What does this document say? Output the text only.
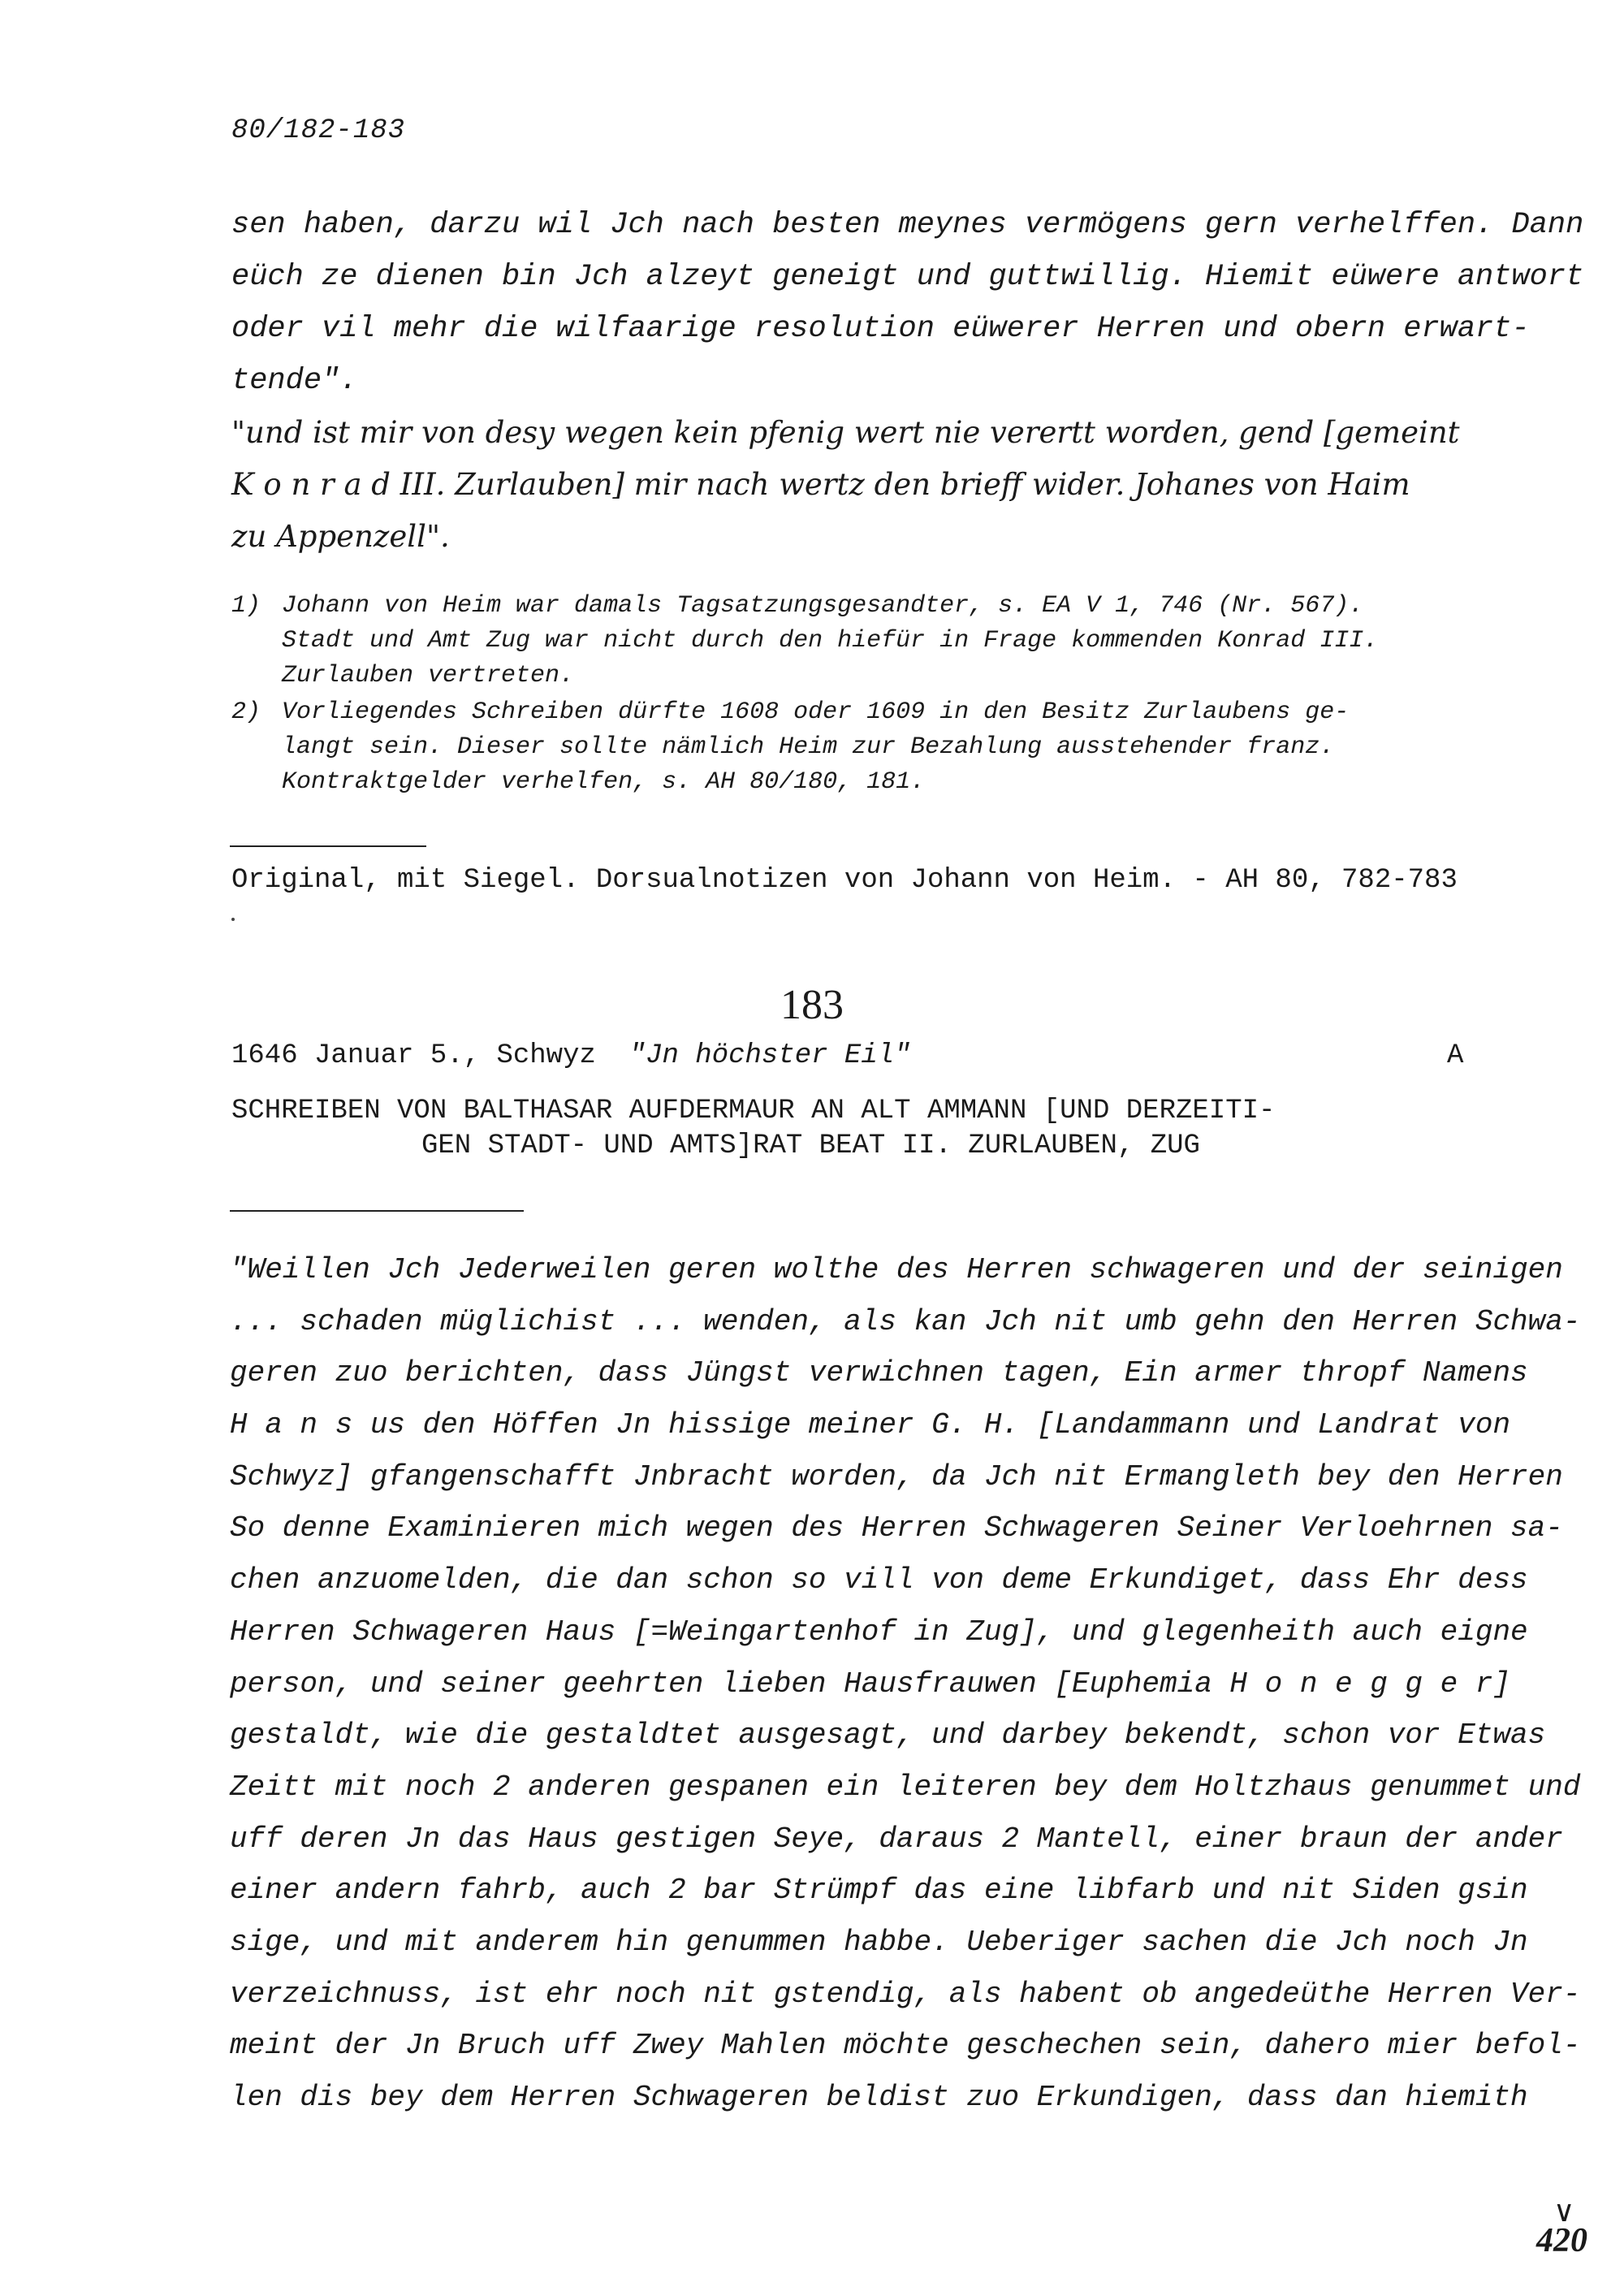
80/182-183
sen haben, darzu wil Jch nach besten meynes vermögens gern verhelffen. Dann
eüch ze dienen bin Jch alzeyt geneigt und guttwillig. Hiemit eüwere antwort
oder vil mehr die wilfaarige resolution eüwerer Herren und obern erwart-
tende".
"und ist mir von desy wegen kein pfenig wert nie verertt worden, gend [gemeint
K o n r a d III. Zurlauben] mir nach wertz den brieff wider. Johanes von Haim
zu Appenzell".
1) Johann von Heim war damals Tagsatzungsgesandter, s. EA V 1, 746 (Nr. 567).
Stadt und Amt Zug war nicht durch den hiefür in Frage kommenden Konrad III.
Zurlauben vertreten.
2) Vorliegendes Schreiben dürfte 1608 oder 1609 in den Besitz Zurlaubens ge-
langt sein. Dieser sollte nämlich Heim zur Bezahlung ausstehender franz.
Kontraktgelder verhelfen, s. AH 80/180, 181.
Original, mit Siegel. Dorsualnotizen von Johann von Heim. - AH 80, 782-783
183
1646 Januar 5., Schwyz "Jn höchster Eil"	A
SCHREIBEN VON BALTHASAR AUFDERMAUR AN ALT AMMANN [UND DERZEITI-
GEN STADT- UND AMTS]RAT BEAT II. ZURLAUBEN, ZUG
"Weillen Jch Jederweilen geren wolthe des Herren schwageren und der seinigen
... schaden müglichist ... wenden, als kan Jch nit umb gehn den Herren Schwa-
geren zuo berichten, dass Jüngst verwichnen tagen, Ein armer thropf Namens
H a n s us den Höffen Jn hissige meiner G. H. [Landammann und Landrat von
Schwyz] gfangenschafft Jnbracht worden, da Jch nit Ermangleth bey den Herren
So denne Examinieren mich wegen des Herren Schwageren Seiner Verloehrnen sa-
chen anzuomelden, die dan schon so vill von deme Erkundiget, dass Ehr dess
Herren Schwageren Haus [=Weingartenhof in Zug], und glegenheith auch eigne
person, und seiner geehrten lieben Hausfrauwen [Euphemia H o n e g g e r]
gestaldt, wie die gestaldtet ausgesagt, und darbey bekendt, schon vor Etwas
Zeitt mit noch 2 anderen gespanen ein leiteren bey dem Holtzhaus genummet und
uff deren Jn das Haus gestigen Seye, daraus 2 Mantell, einer braun der ander
einer andern fahrb, auch 2 bar Strümpf das eine libfarb und nit Siden gsin
sige, und mit anderem hin genummen habbe. Ueberiger sachen die Jch noch Jn
verzeichnuss, ist ehr noch nit gstendig, als habent ob angedeüthe Herren Ver-
meint der Jn Bruch uff Zwey Mahlen möchte geschechen sein, dahero mier befol-
len dis bey dem Herren Schwageren beldist zuo Erkundigen, dass dan hiemith
∨
420
